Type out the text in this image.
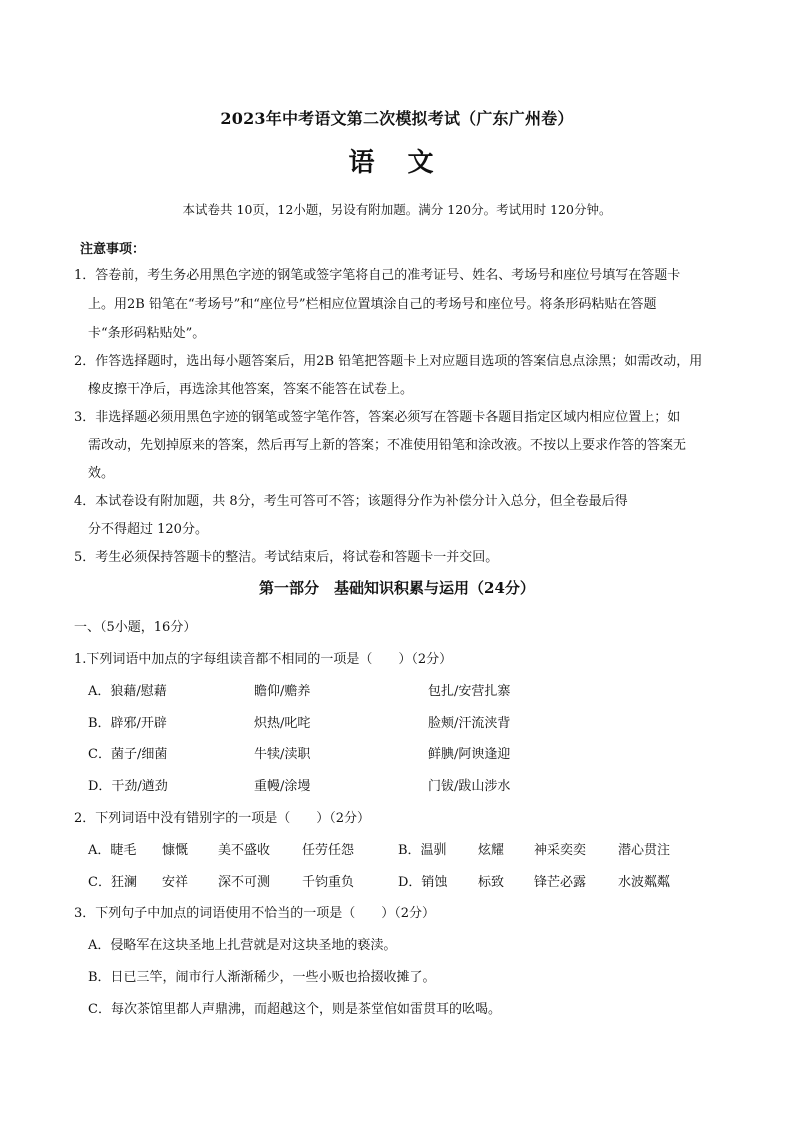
2023年中考语文第二次模拟考试（广东广州卷）
语 文
本试卷共 10页，12小题，另设有附加题。满分 120分。考试用时 120分钟。
注意事项：
1．答卷前，考生务必用黑色字迹的钢笔或签字笔将自己的准考证号、姓名、考场号和座位号填写在答题卡
上。用2B 铅笔在“考场号”和“座位号”栏相应位置填涂自己的考场号和座位号。将条形码粘贴在答题
卡“条形码粘贴处”。
2．作答选择题时，选出每小题答案后，用2B 铅笔把答题卡上对应题目选项的答案信息点涂黑；如需改动，用
橡皮擦干净后，再选涂其他答案，答案不能答在试卷上。
3．非选择题必须用黑色字迹的钢笔或签字笔作答，答案必须写在答题卡各题目指定区域内相应位置上；如
需改动，先划掉原来的答案，然后再写上新的答案；不准使用铅笔和涂改液。不按以上要求作答的答案无
效。
4．本试卷设有附加题，共 8分，考生可答可不答；该题得分作为补偿分计入总分，但全卷最后得
分不得超过 120分。
5．考生必须保持答题卡的整洁。考试结束后，将试卷和答题卡一并交回。
第一部分　基础知识积累与运用（24分）
一、（5小题，16分）
1.下列词语中加点的字每组读音都不相同的一项是（　　）（2分）
A．狼藉/慰藉	瞻仰/赡养	包扎/安营扎寨
B．辟邪/开辟	炽热/叱咤	脸颊/汗流浃背
C．菌子/细菌	牛犊/渎职	鲜腆/阿谀逢迎
D．干劲/遒劲	重幔/涂墁	门钹/跋山涉水
2．下列词语中没有错别字的一项是（　　）（2分）
A．睫毛 慷慨 美不盛收 任劳任怨	B．温驯 炫耀 神采奕奕 潜心贯注
C．狂澜 安祥 深不可测 千钧重负	D．销蚀 标致 锋芒必露 水波粼粼
3．下列句子中加点的词语使用不恰当的一项是（　　）（2分）
A．侵略军在这块圣地上扎营就是对这块圣地的亵渎。
B．日已三竿，闹市行人渐渐稀少，一些小贩也拾掇收摊了。
C．每次茶馆里都人声鼎沸，而超越这个，则是茶堂倌如雷贯耳的吆喝。
